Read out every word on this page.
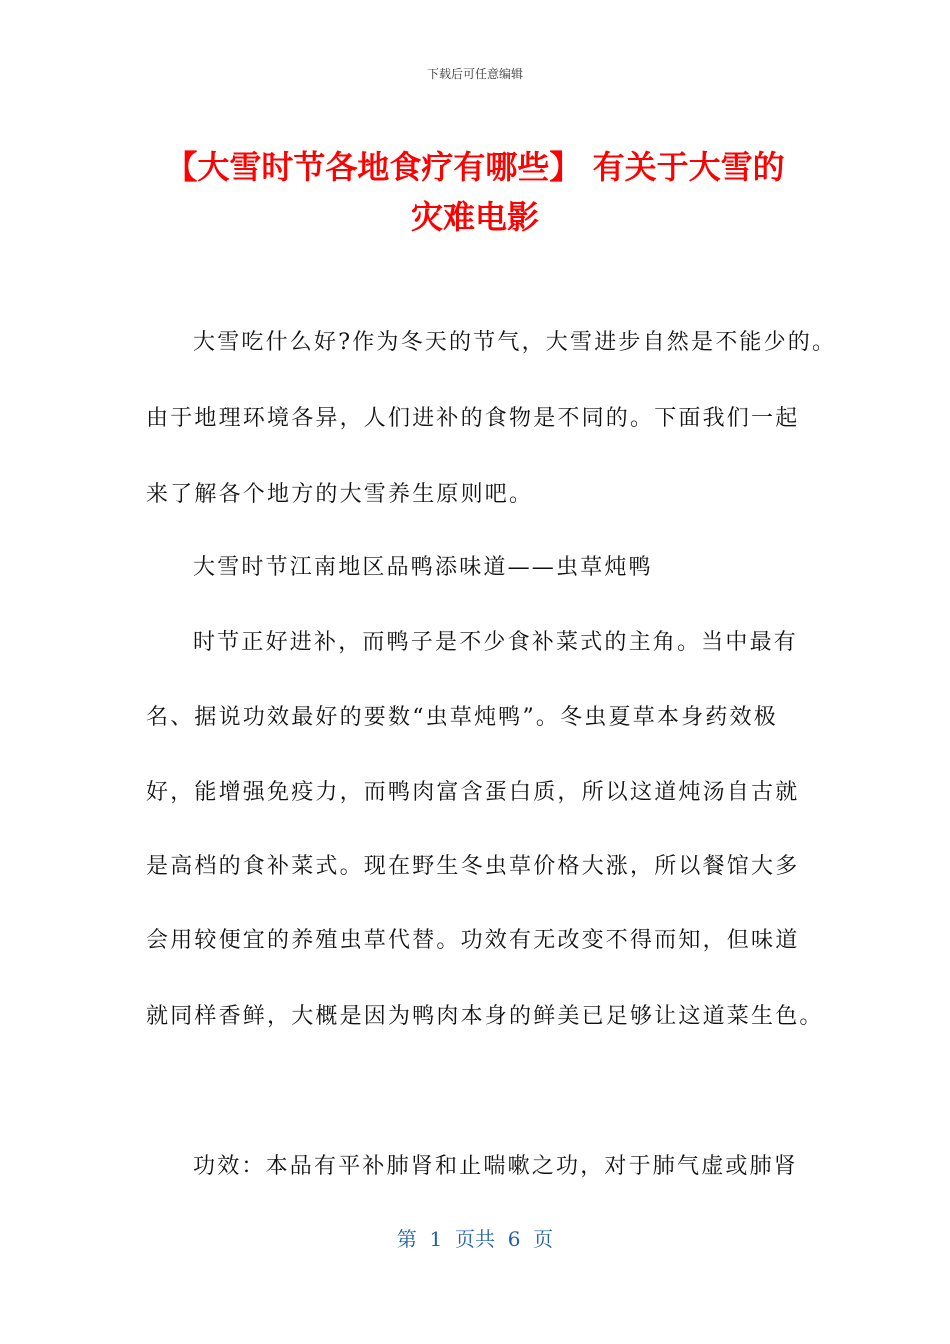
下载后可任意编辑
【大雪时节各地食疗有哪些】 有关于大雪的
灾难电影
大雪吃什么好?作为冬天的节气，大雪进步自然是不能少的。
由于地理环境各异，人们进补的食物是不同的。下面我们一起
来了解各个地方的大雪养生原则吧。
大雪时节江南地区品鸭添味道——虫草炖鸭
时节正好进补，而鸭子是不少食补菜式的主角。当中最有
名、据说功效最好的要数“虫草炖鸭”。冬虫夏草本身药效极
好，能增强免疫力，而鸭肉富含蛋白质，所以这道炖汤自古就
是高档的食补菜式。现在野生冬虫草价格大涨，所以餐馆大多
会用较便宜的养殖虫草代替。功效有无改变不得而知，但味道
就同样香鲜，大概是因为鸭肉本身的鲜美已足够让这道菜生色。
功效：本品有平补肺肾和止喘嗽之功，对于肺气虚或肺肾
第  1  页共  6  页
